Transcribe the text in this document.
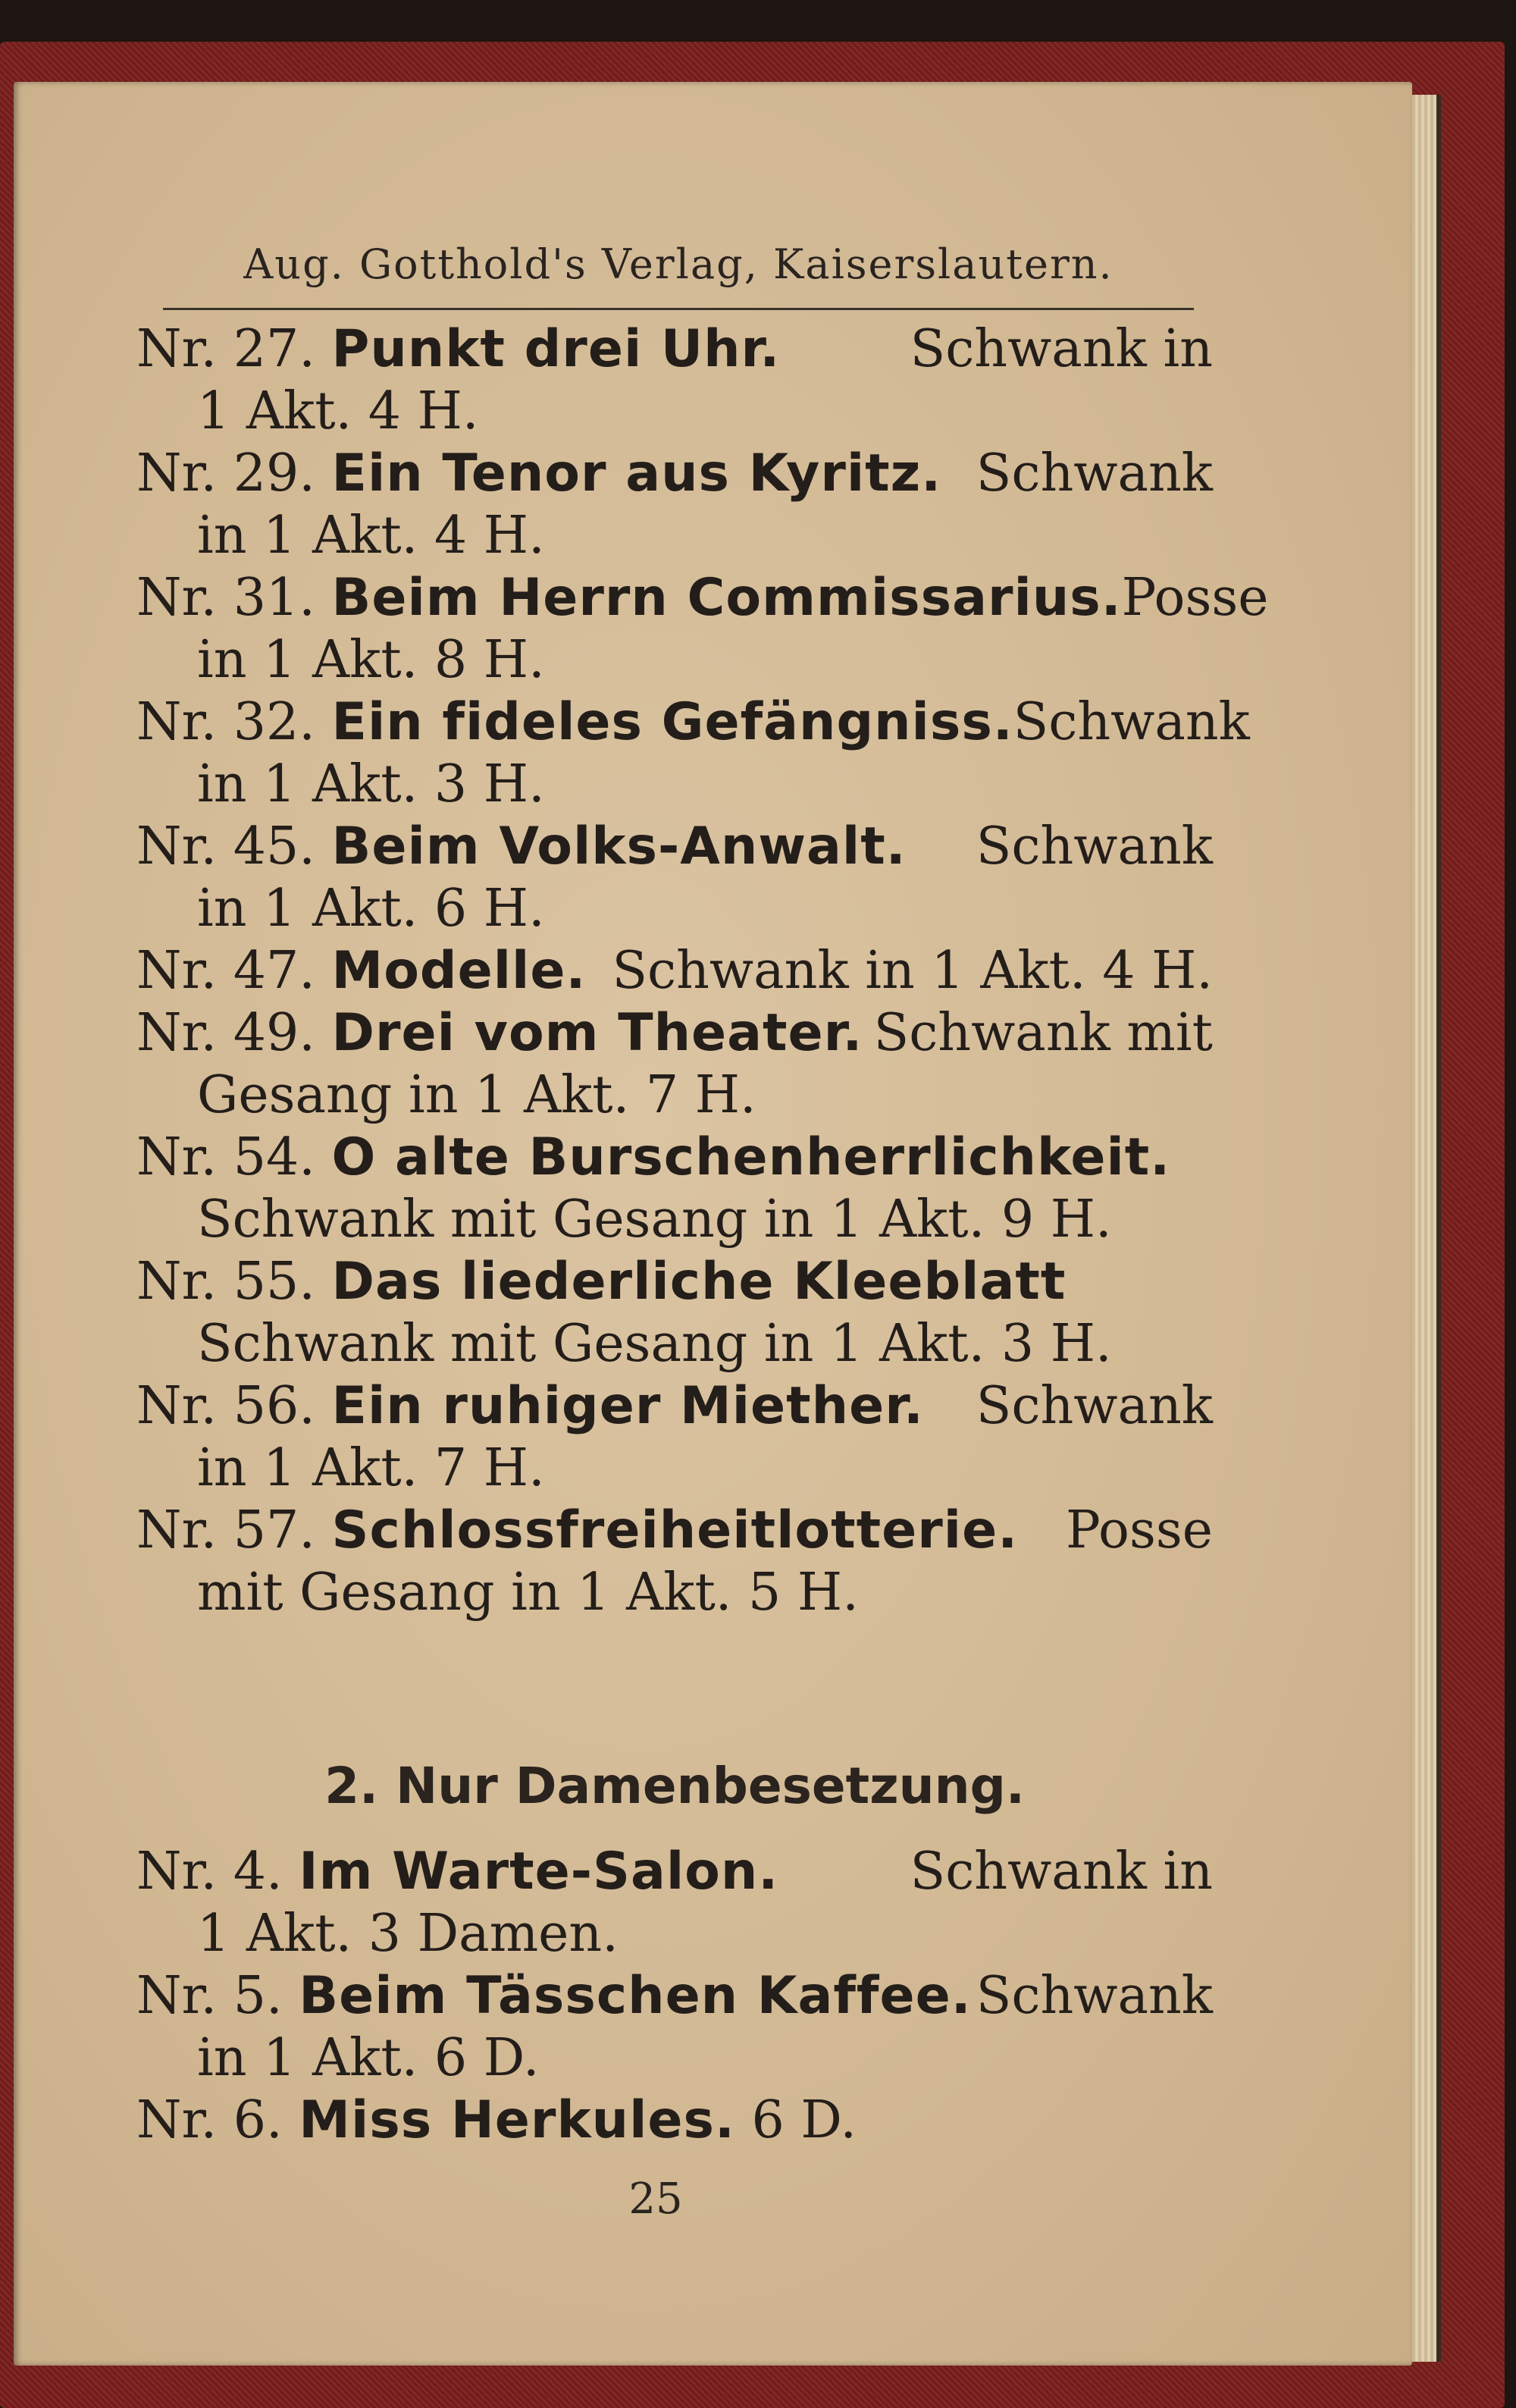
Aug. Gotthold's Verlag, Kaiserslautern.
Nr. 27. Punkt drei Uhr.	Schwank in
1 Akt. 4 H.
Nr. 29. Ein Tenor aus Kyritz. Schwank
in 1 Akt. 4 H.
Nr. 31. Beim Herrn Commissarius. Posse
in 1 Akt. 8 H.
Nr. 32. Ein fideles Gefängniss. Schwank
in 1 Akt. 3 H.
Nr. 45. Beim Volks-Anwalt. Schwank
in 1 Akt. 6 H.
Nr. 47. Modelle. Schwank in 1 Akt. 4 H.
Nr. 49. Drei vom Theater. Schwank mit
Gesang in 1 Akt. 7 H.
Nr. 54. O alte Burschenherrlichkeit.
Schwank mit Gesang in 1 Akt. 9 H.
Nr. 55. Das liederliche Kleeblatt
Schwank mit Gesang in 1 Akt. 3 H.
Nr. 56. Ein ruhiger Miether. Schwank
in 1 Akt. 7 H.
Nr. 57. Schlossfreiheitlotterie. Posse
mit Gesang in 1 Akt. 5 H.
2. Nur Damenbesetzung.
Nr. 4. Im Warte-Salon.	Schwank in
1 Akt. 3 Damen.
Nr. 5. Beim Tässchen Kaffee. Schwank
in 1 Akt. 6 D.
Nr. 6. Miss Herkules. 6 D.
25
